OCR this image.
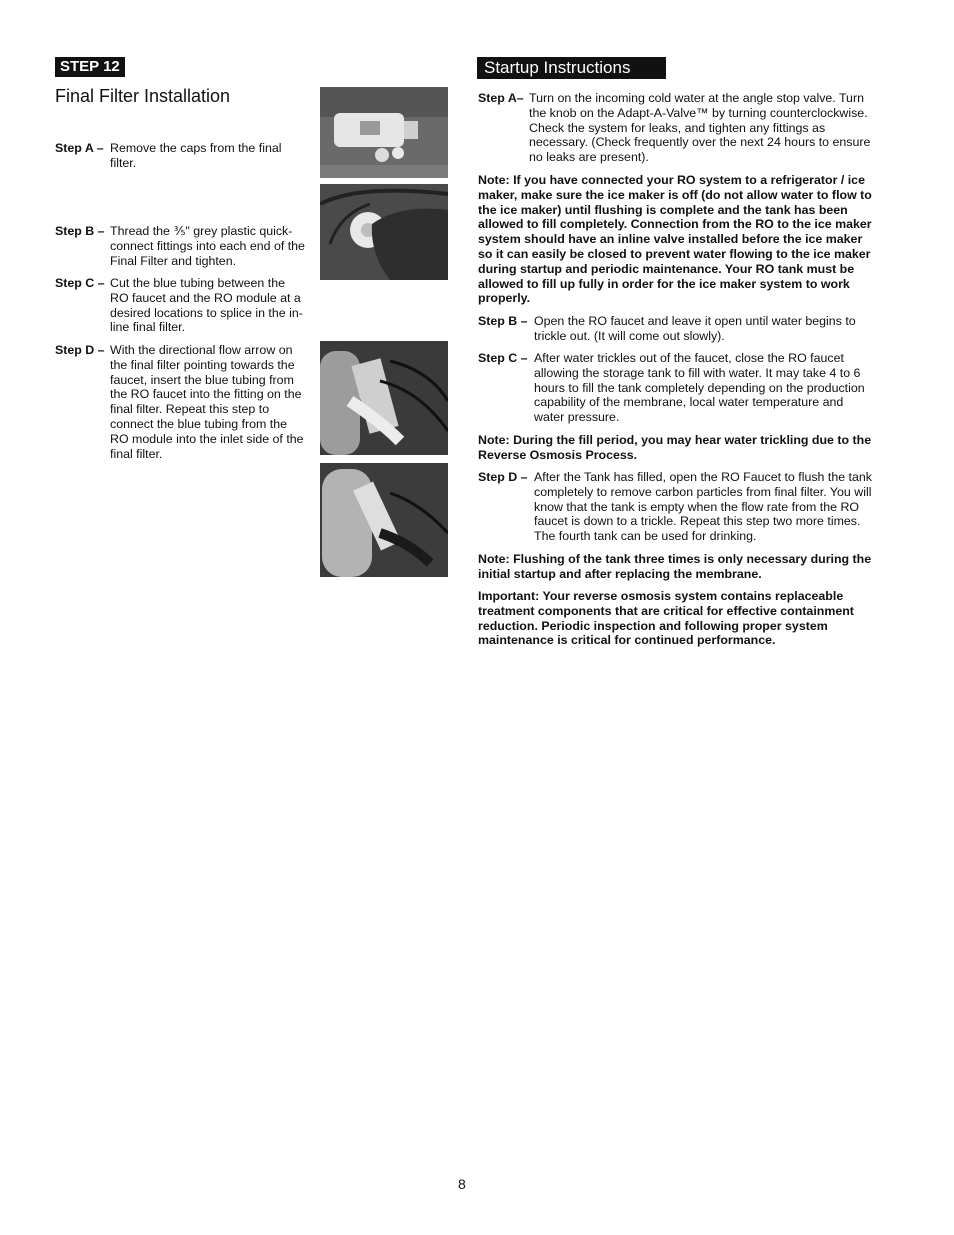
STEP 12
Final Filter Installation
Step A – Remove the caps from the final filter.
Step B – Thread the ⅗" grey plastic quick-connect fittings into each end of the Final Filter and tighten.
Step C – Cut the blue tubing between the RO faucet and the RO module at a desired locations to splice in the in-line final filter.
Step D – With the directional flow arrow on the final filter pointing towards the faucet, insert the blue tubing from the RO faucet into the fitting on the final filter. Repeat this step to connect the blue tubing from the RO module into the inlet side of the final filter.
Startup Instructions
Step A– Turn on the incoming cold water at the angle stop valve. Turn the knob on the Adapt-A-Valve™ by turning counterclockwise. Check the system for leaks, and tighten any fittings as necessary. (Check frequently over the next 24 hours to ensure no leaks are present).
Note: If you have connected your RO system to a refrigerator / ice maker, make sure the ice maker is off (do not allow water to flow to the ice maker) until flushing is complete and the tank has been allowed to fill completely. Connection from the RO to the ice maker system should have an inline valve installed before the ice maker so it can easily be closed to prevent water flowing to the ice maker during startup and periodic maintenance. Your RO tank must be allowed to fill up fully in order for the ice maker system to work properly.
Step B – Open the RO faucet and leave it open until water begins to trickle out. (It will come out slowly).
Step C – After water trickles out of the faucet, close the RO faucet allowing the storage tank to fill with water. It may take 4 to 6 hours to fill the tank completely depending on the production capability of the membrane, local water temperature and water pressure.
Note: During the fill period, you may hear water trickling due to the Reverse Osmosis Process.
Step D – After the Tank has filled, open the RO Faucet to flush the tank completely to remove carbon particles from final filter. You will know that the tank is empty when the flow rate from the RO faucet is down to a trickle. Repeat this step two more times. The fourth tank can be used for drinking.
Note: Flushing of the tank three times is only necessary during the initial startup and after replacing the membrane.
Important: Your reverse osmosis system contains replaceable treatment components that are critical for effective containment reduction. Periodic inspection and following proper system maintenance is critical for continued performance.
8
